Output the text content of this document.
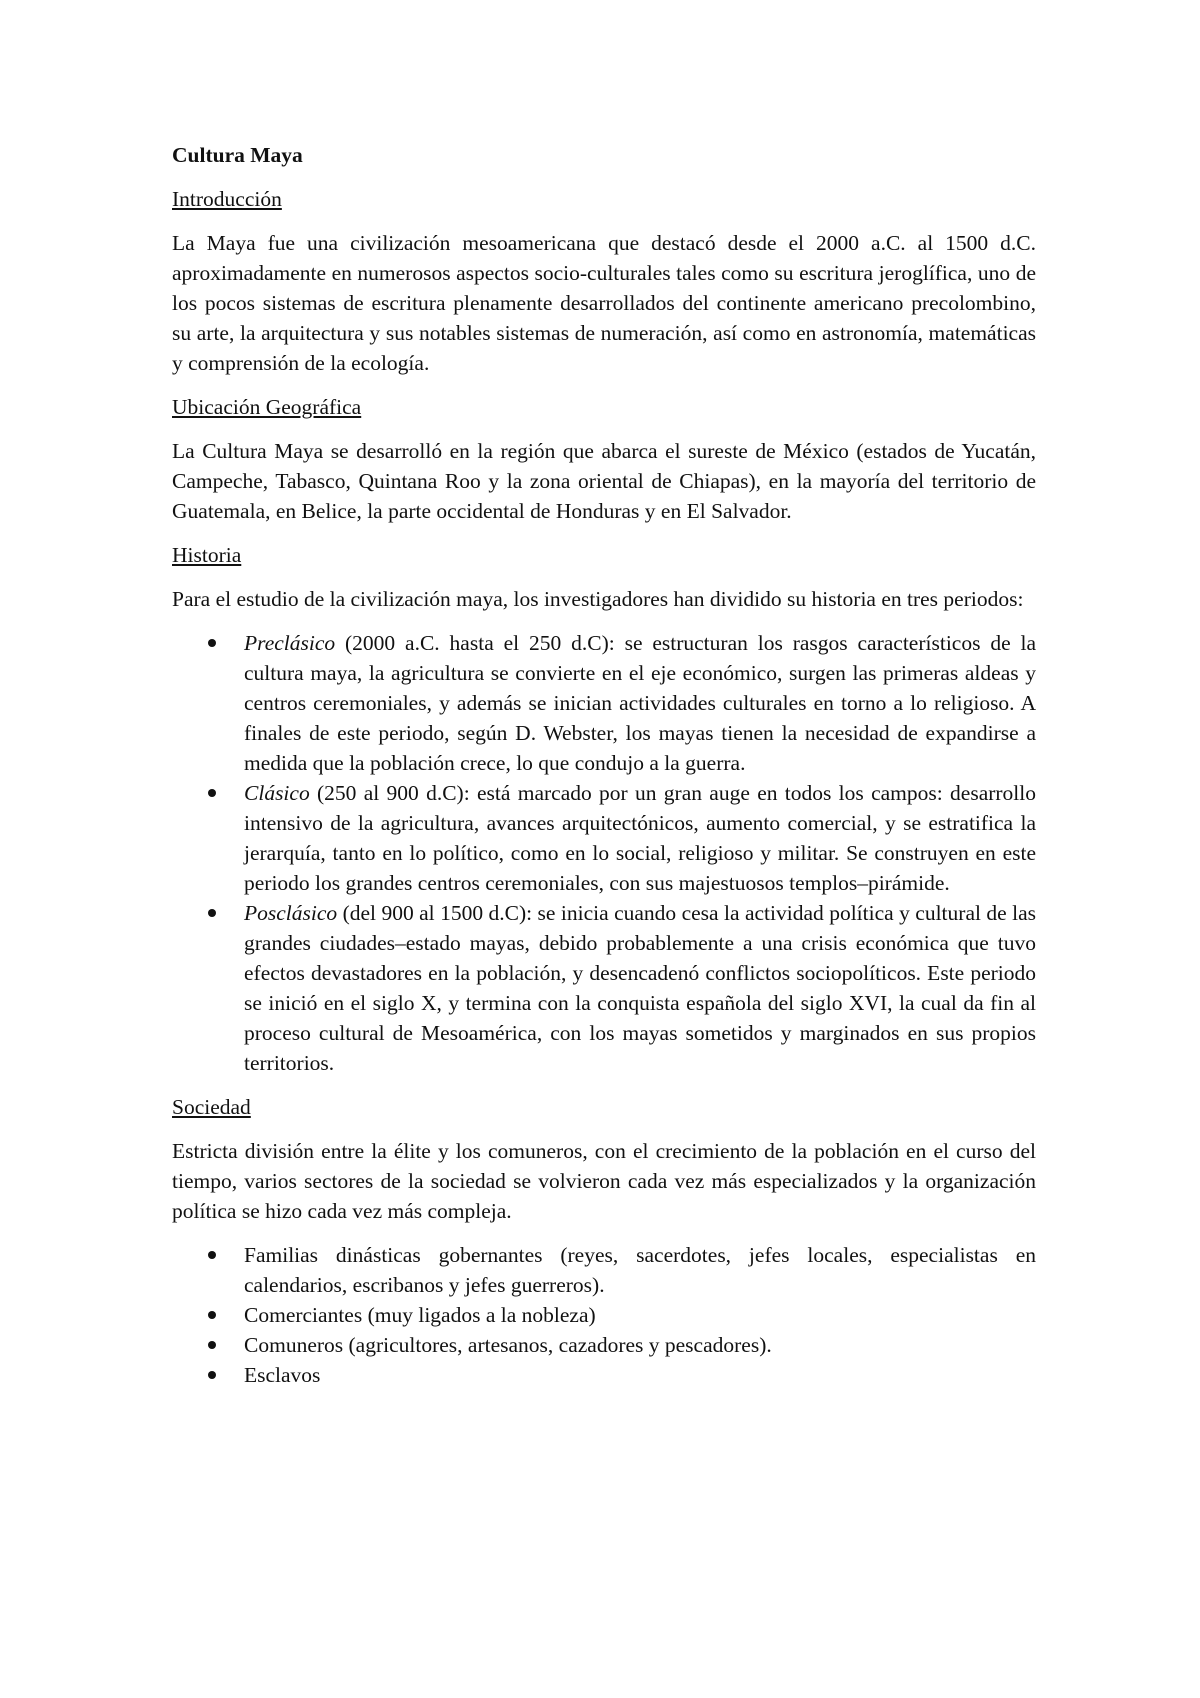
Cultura Maya
Introducción

La Maya fue una civilización mesoamericana que destacó desde el 2000 a.C. al 1500 d.C. aproximadamente en numerosos aspectos socio-culturales tales como su escritura jeroglífica, uno de los pocos sistemas de escritura plenamente desarrollados del continente americano precolombino, su arte, la arquitectura y sus notables sistemas de numeración, así como en astronomía, matemáticas y comprensión de la ecología.

Ubicación Geográfica

La Cultura Maya se desarrolló en la región que abarca el sureste de México (estados de Yucatán, Campeche, Tabasco, Quintana Roo y la zona oriental de Chiapas), en la mayoría del territorio de Guatemala, en Belice, la parte occidental de Honduras y en El Salvador.

Historia

Para el estudio de la civilización maya, los investigadores han dividido su historia en tres periodos:

Preclásico (2000 a.C. hasta el 250 d.C): se estructuran los rasgos característicos de la cultura maya, la agricultura se convierte en el eje económico, surgen las primeras aldeas y centros ceremoniales, y además se inician actividades culturales en torno a lo religioso. A finales de este periodo, según D. Webster, los mayas tienen la necesidad de expandirse a medida que la población crece, lo que condujo a la guerra.
Clásico (250 al 900 d.C): está marcado por un gran auge en todos los campos: desarrollo intensivo de la agricultura, avances arquitectónicos, aumento comercial, y se estratifica la jerarquía, tanto en lo político, como en lo social, religioso y militar. Se construyen en este periodo los grandes centros ceremoniales, con sus majestuosos templos–pirámide.
Posclásico (del 900 al 1500 d.C): se inicia cuando cesa la actividad política y cultural de las grandes ciudades–estado mayas, debido probablemente a una crisis económica que tuvo efectos devastadores en la población, y desencadenó conflictos sociopolíticos. Este periodo se inició en el siglo X, y termina con la conquista española del siglo XVI, la cual da fin al proceso cultural de Mesoamérica, con los mayas sometidos y marginados en sus propios territorios.
Sociedad

Estricta división entre la élite y los comuneros, con el crecimiento de la población en el curso del tiempo, varios sectores de la sociedad se volvieron cada vez más especializados y la organización política se hizo cada vez más compleja.

Familias dinásticas gobernantes (reyes, sacerdotes, jefes locales, especialistas en calendarios, escribanos y jefes guerreros).
Comerciantes (muy ligados a la nobleza)
Comuneros (agricultores, artesanos, cazadores y pescadores).
Esclavos
